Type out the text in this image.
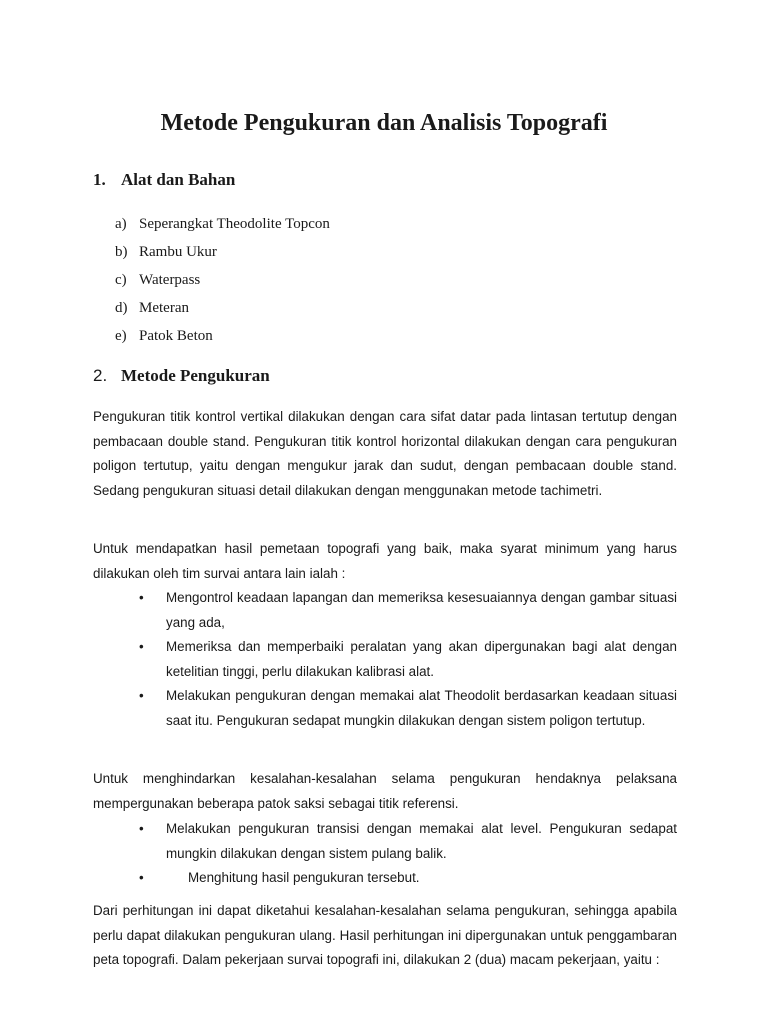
Metode Pengukuran dan Analisis Topografi
1. Alat dan Bahan
a) Seperangkat Theodolite Topcon
b) Rambu Ukur
c) Waterpass
d) Meteran
e) Patok Beton
2. Metode Pengukuran

Pengukuran titik kontrol vertikal dilakukan dengan cara sifat datar pada lintasan tertutup dengan pembacaan double stand. Pengukuran titik kontrol horizontal dilakukan dengan cara pengukuran poligon tertutup, yaitu dengan mengukur jarak dan sudut, dengan pembacaan double stand. Sedang pengukuran situasi detail dilakukan dengan menggunakan metode tachimetri.

Untuk mendapatkan hasil pemetaan topografi yang baik, maka syarat minimum yang harus dilakukan oleh tim survai antara lain ialah :

• Mengontrol keadaan lapangan dan memeriksa kesesuaiannya dengan gambar situasi yang ada,
• Memeriksa dan memperbaiki peralatan yang akan dipergunakan bagi alat dengan ketelitian tinggi, perlu dilakukan kalibrasi alat.
• Melakukan pengukuran dengan memakai alat Theodolit berdasarkan keadaan situasi saat itu. Pengukuran sedapat mungkin dilakukan dengan sistem poligon tertutup.

Untuk menghindarkan kesalahan-kesalahan selama pengukuran hendaknya pelaksana mempergunakan beberapa patok saksi sebagai titik referensi.

• Melakukan pengukuran transisi dengan memakai alat level. Pengukuran sedapat mungkin dilakukan dengan sistem pulang balik.
•	Menghitung hasil pengukuran tersebut.

Dari perhitungan ini dapat diketahui kesalahan-kesalahan selama pengukuran, sehingga apabila perlu dapat dilakukan pengukuran ulang. Hasil perhitungan ini dipergunakan untuk penggambaran peta topografi. Dalam pekerjaan survai topografi ini, dilakukan 2 (dua) macam pekerjaan, yaitu :
